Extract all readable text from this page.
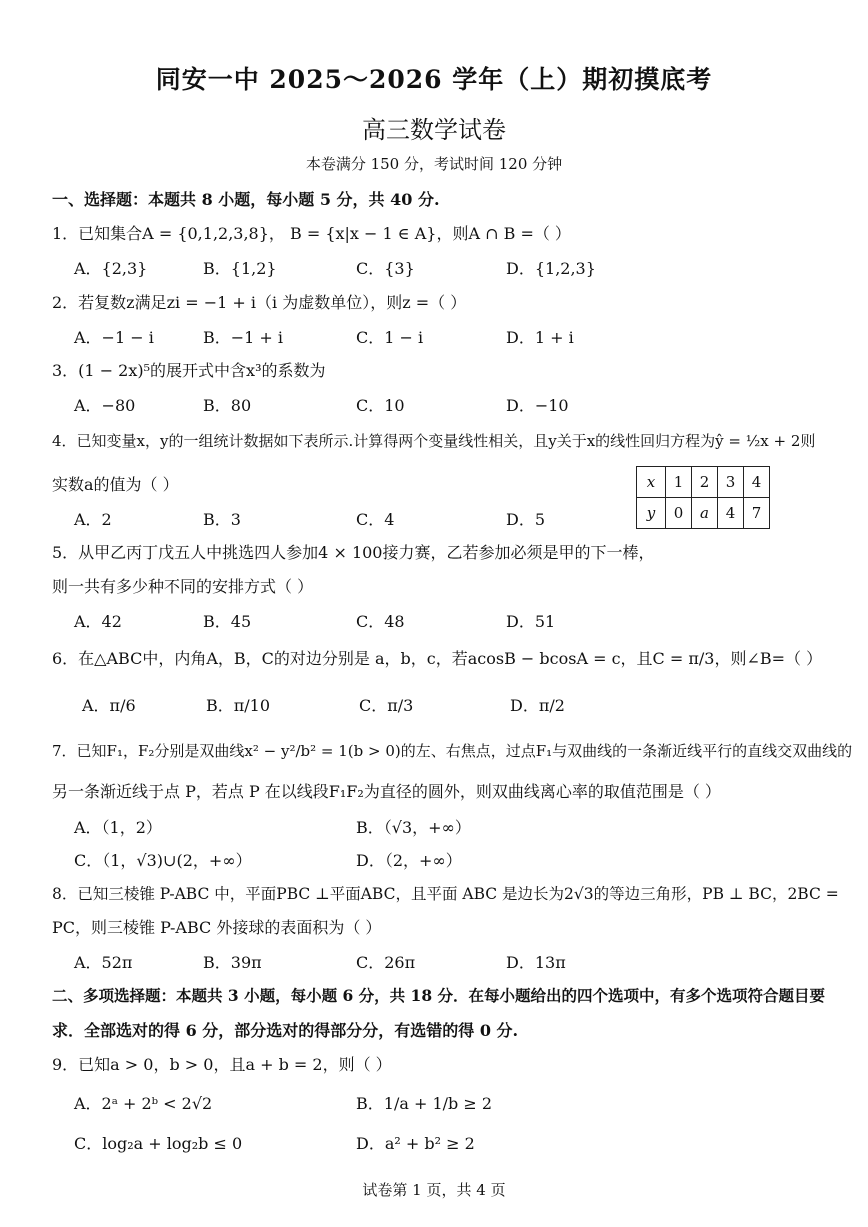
同安一中 2025～2026 学年（上）期初摸底考
高三数学试卷
本卷满分 150 分，考试时间 120 分钟
一、选择题：本题共 8 小题，每小题 5 分，共 40 分.
1．已知集合A = {0,1,2,3,8}， B = {x|x − 1 ∈ A}，则A ∩ B =（ ）
A．{2,3}	B．{1,2}	C．{3}	D．{1,2,3}
2．若复数z满足zi = −1 + i（i 为虚数单位），则z =（ ）
A．−1 − i	B．−1 + i	C．1 − i	D．1 + i
3．(1 − 2x)⁵的展开式中含x³的系数为
A．−80	B．80	C．10	D．−10
4．已知变量x，y的一组统计数据如下表所示.计算得两个变量线性相关，且y关于x的线性回归方程为ŷ = ½x + 2则
实数a的值为（ ）	x	1	2	3	4
y	0	a	4	7
A．2	B．3	C．4	D．5
5．从甲乙丙丁戊五人中挑选四人参加4 × 100接力赛，乙若参加必须是甲的下一棒，
则一共有多少种不同的安排方式（ ）
A．42	B．45	C．48	D．51
6．在△ABC中，内角A，B，C的对边分别是 a，b，c，若acosB − bcosA = c，且C = π/3，则∠B=（ ）
A．π/6	B．π/10	C．π/3	D．π/2
7．已知F₁，F₂分别是双曲线x² − y²/b² = 1(b > 0)的左、右焦点，过点F₁与双曲线的一条渐近线平行的直线交双曲线的
另一条渐近线于点 P，若点 P 在以线段F₁F₂为直径的圆外，则双曲线离心率的取值范围是（ ）
A．（1，2）	B．（√3，+∞）
C．（1，√3)∪(2，+∞）	D．（2，+∞）
8．已知三棱锥 P-ABC 中，平面PBC ⊥平面ABC，且平面 ABC 是边长为2√3的等边三角形，PB ⊥ BC，2BC =
PC，则三棱锥 P-ABC 外接球的表面积为（ ）
A．52π	B．39π	C．26π	D．13π
二、多项选择题：本题共 3 小题，每小题 6 分，共 18 分．在每小题给出的四个选项中，有多个选项符合题目要
求．全部选对的得 6 分，部分选对的得部分分，有选错的得 0 分.
9．已知a > 0，b > 0，且a + b = 2，则（ ）
A．2ᵃ + 2ᵇ < 2√2	B．1/a + 1/b ≥ 2
C．log₂a + log₂b ≤ 0	D．a² + b² ≥ 2
试卷第 1 页，共 4 页
